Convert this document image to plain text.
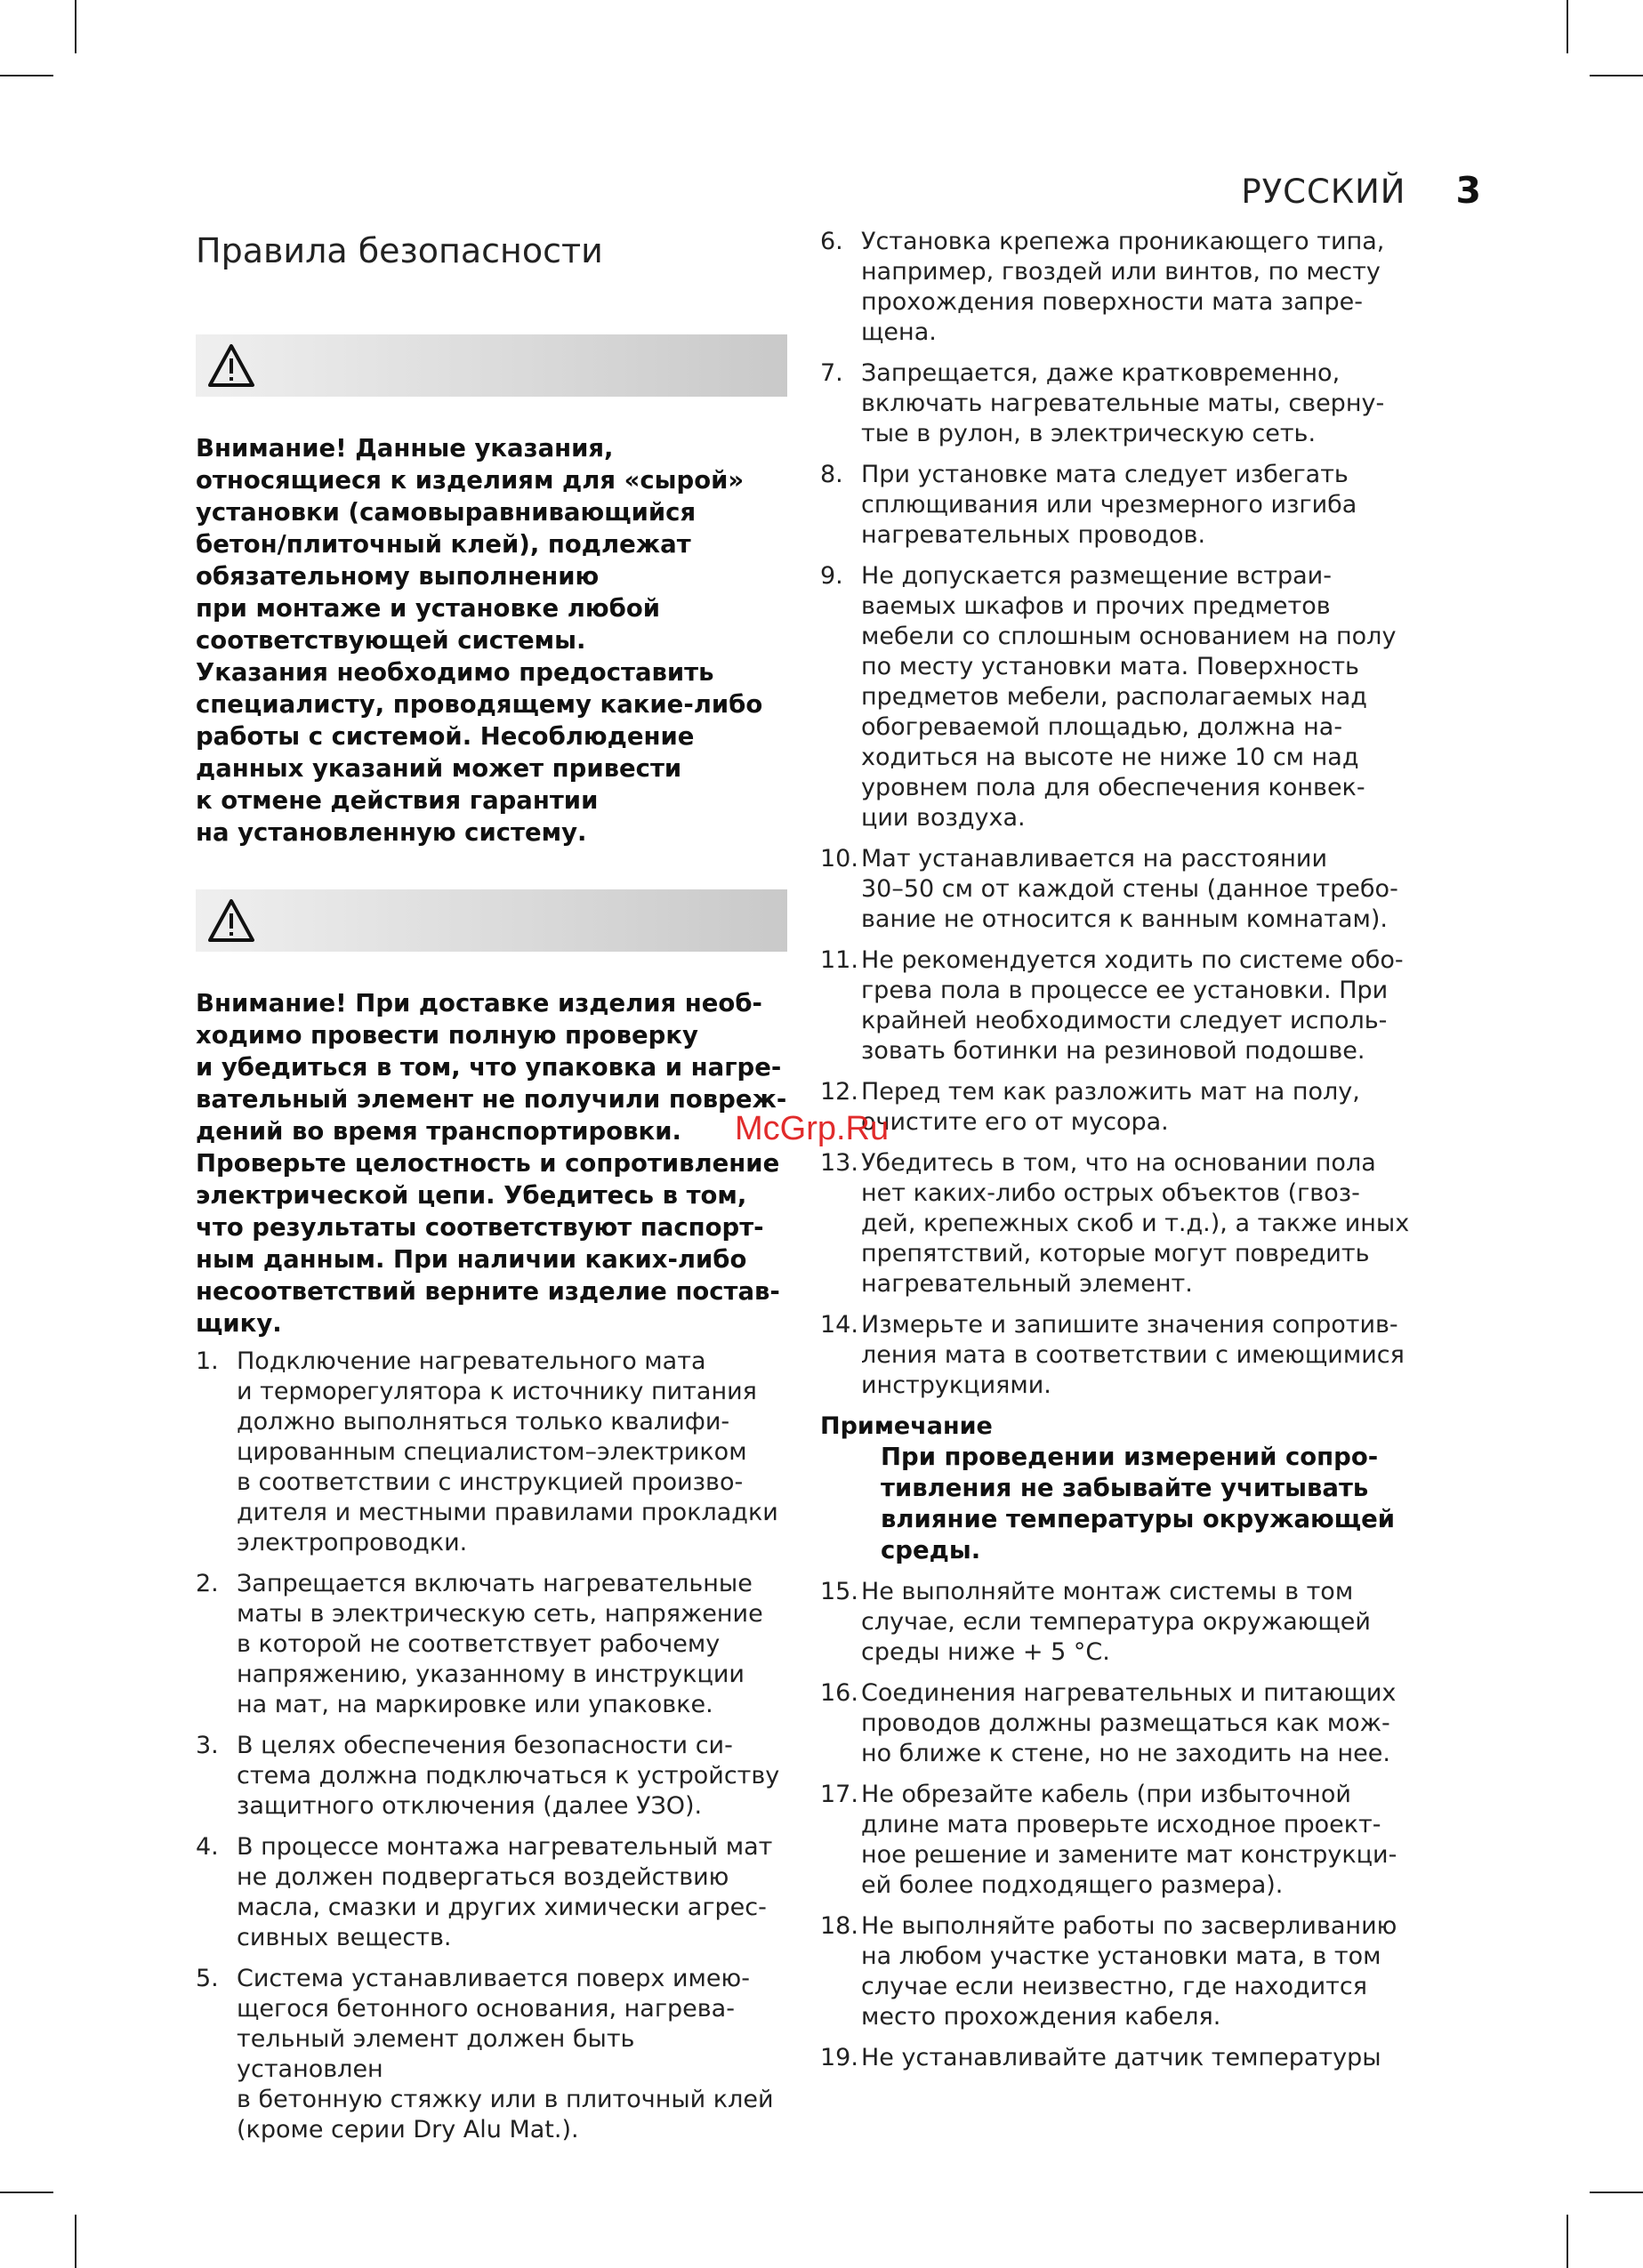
РУССКИЙ 3
Правила безопасности
Внимание! Данные указания,
относящиеся к изделиям для «сырой»
установки (самовыравнивающийся
бетон/плиточный клей), подлежат
обязательному выполнению
при монтаже и установке любой
соответствующей системы.
Указания необходимо предоставить
специалисту, проводящему какие-либо
работы с системой. Несоблюдение
данных указаний может привести
к отмене действия гарантии
на установленную систему.
Внимание! При доставке изделия необ-
ходимо провести полную проверку
и убедиться в том, что упаковка и нагре-
вательный элемент не получили повреж-
дений во время транспортировки.
Проверьте целостность и сопротивление
электрической цепи. Убедитесь в том,
что результаты соответствуют паспорт-
ным данным. При наличии каких-либо
несоответствий верните изделие постав-
щику.
1. Подключение нагревательного мата
и терморегулятора к источнику питания
должно выполняться только квалифи-
цированным специалистом–электриком
в соответствии с инструкцией произво-
дителя и местными правилами прокладки
электропроводки.
2. Запрещается включать нагревательные
маты в электрическую сеть, напряжение
в которой не соответствует рабочему
напряжению, указанному в инструкции
на мат, на маркировке или упаковке.
3. В целях обеспечения безопасности си-
стема должна подключаться к устройству
защитного отключения (далее УЗО).
4. В процессе монтажа нагревательный мат
не должен подвергаться воздействию
масла, смазки и других химически агрес-
сивных веществ.
5. Система устанавливается поверх имею-
щегося бетонного основания, нагрева-
тельный элемент должен быть установлен
в бетонную стяжку или в плиточный клей
(кроме серии Dry Alu Mat.).
6. Установка крепежа проникающего типа,
например, гвоздей или винтов, по месту
прохождения поверхности мата запре-
щена.
7. Запрещается, даже кратковременно,
включать нагревательные маты, сверну-
тые в рулон, в электрическую сеть.
8. При установке мата следует избегать
сплющивания или чрезмерного изгиба
нагревательных проводов.
9. Не допускается размещение встраи-
ваемых шкафов и прочих предметов
мебели со сплошным основанием на полу
по месту установки мата. Поверхность
предметов мебели, располагаемых над
обогреваемой площадью, должна на-
ходиться на высоте не ниже 10 см над
уровнем пола для обеспечения конвек-
ции воздуха.
10. Мат устанавливается на расстоянии
30–50 см от каждой стены (данное требо-
вание не относится к ванным комнатам).
11. Не рекомендуется ходить по системе обо-
грева пола в процессе ее установки. При
крайней необходимости следует исполь-
зовать ботинки на резиновой подошве.
12. Перед тем как разложить мат на полу,
очистите его от мусора.
13. Убедитесь в том, что на основании пола
нет каких-либо острых объектов (гвоз-
дей, крепежных скоб и т.д.), а также иных
препятствий, которые могут повредить
нагревательный элемент.
14. Измерьте и запишите значения сопротив-
ления мата в соответствии с имеющимися
инструкциями.
Примечание
При проведении измерений сопро-
тивления не забывайте учитывать
влияние температуры окружающей
среды.
15. Не выполняйте монтаж системы в том
случае, если температура окружающей
среды ниже + 5 °С.
16. Соединения нагревательных и питающих
проводов должны размещаться как мож-
но ближе к стене, но не заходить на нее.
17. Не обрезайте кабель (при избыточной
длине мата проверьте исходное проект-
ное решение и замените мат конструкци-
ей более подходящего размера).
18. Не выполняйте работы по засверливанию
на любом участке установки мата, в том
случае если неизвестно, где находится
место прохождения кабеля.
19. Не устанавливайте датчик температуры
McGrp.Ru
